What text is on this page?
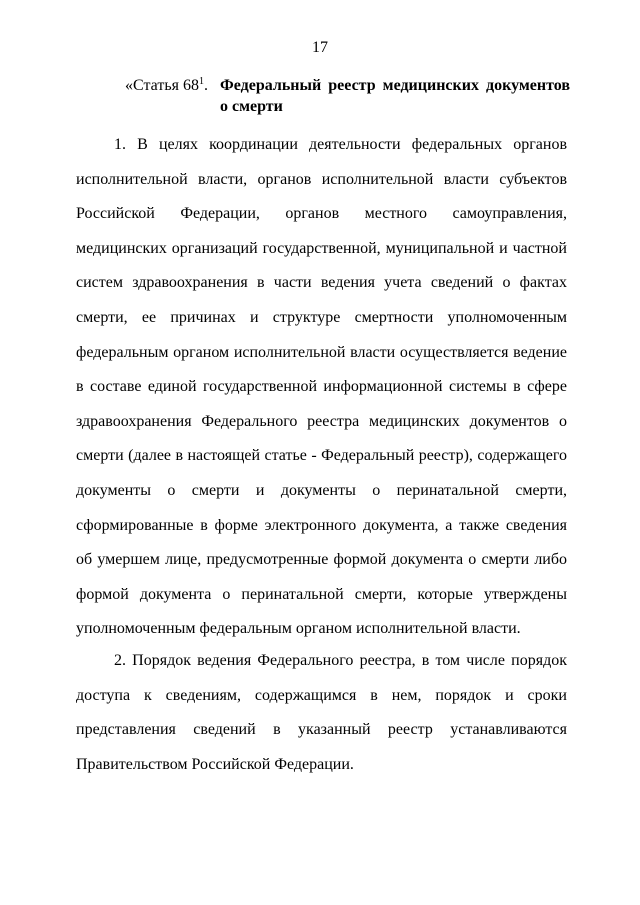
17
«Статья $68^1$. Федеральный реестр медицинских документов о смерти

1. В целях координации деятельности федеральных органов исполнительной власти, органов исполнительной власти субъектов Российской Федерации, органов местного самоуправления, медицинских организаций государственной, муниципальной и частной систем здравоохранения в части ведения учета сведений о фактах смерти, ее причинах и структуре смертности уполномоченным федеральным органом исполнительной власти осуществляется ведение в составе единой государственной информационной системы в сфере здравоохранения Федерального реестра медицинских документов о смерти (далее в настоящей статье - Федеральный реестр), содержащего документы о смерти и документы о перинатальной смерти, сформированные в форме электронного документа, а также сведения об умершем лице, предусмотренные формой документа о смерти либо формой документа о перинатальной смерти, которые утверждены уполномоченным федеральным органом исполнительной власти.

2. Порядок ведения Федерального реестра, в том числе порядок доступа к сведениям, содержащимся в нем, порядок и сроки представления сведений в указанный реестр устанавливаются Правительством Российской Федерации.
